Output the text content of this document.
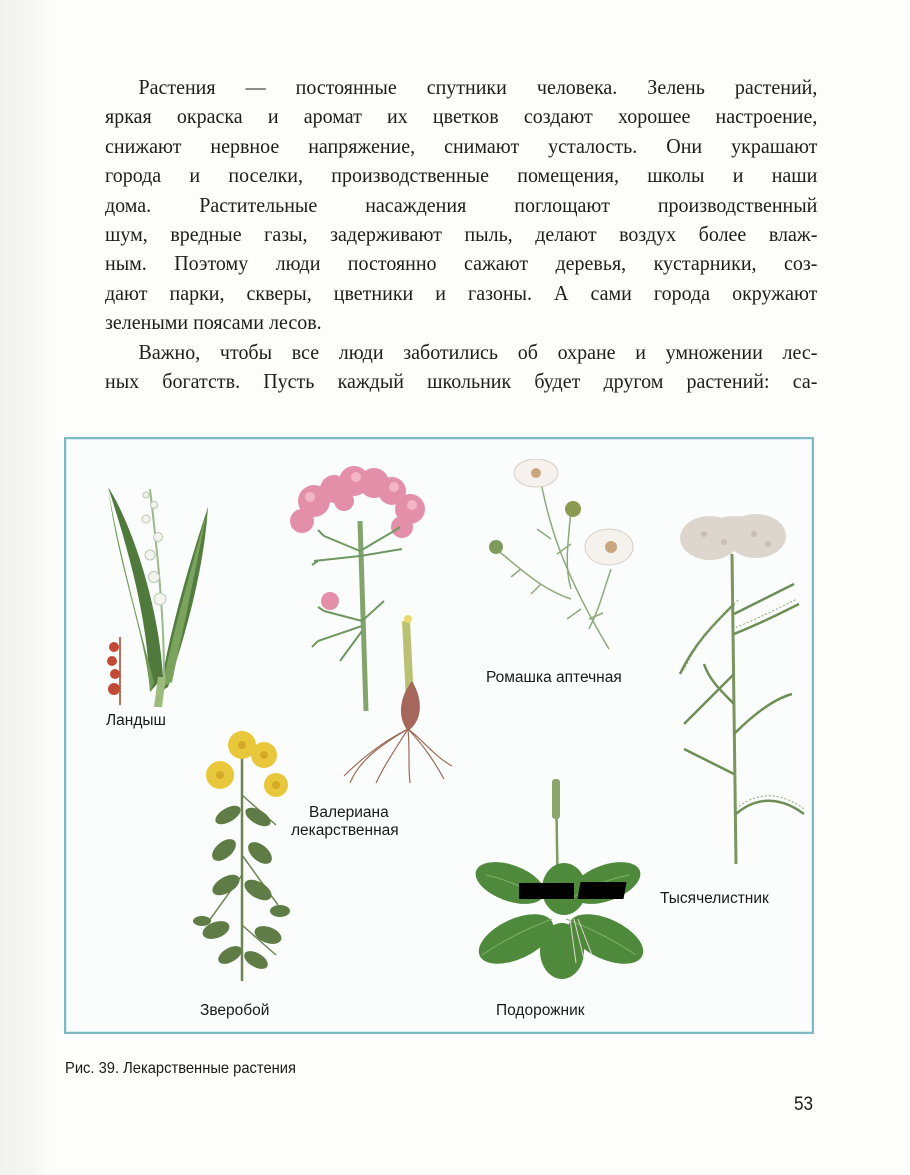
Растения — постоянные спутники человека. Зелень растений,
яркая окраска и аромат их цветков создают хорошее настроение,
снижают нервное напряжение, снимают усталость. Они украшают
города и поселки, производственные помещения, школы и наши
дома. Растительные насаждения поглощают производственный
шум, вредные газы, задерживают пыль, делают воздух более влаж-
ным. Поэтому люди постоянно сажают деревья, кустарники, соз-
дают парки, скверы, цветники и газоны. А сами города окружают
зелеными поясами лесов.

Важно, чтобы все люди заботились об охране и умножении лес-
ных богатств. Пусть каждый школьник будет другом растений: са-

Ландыш
Валериана
лекарственная
Ромашка аптечная
Тысячелистник
Зверобой	Подорожник
Рис. 39. Лекарственные растения
53
